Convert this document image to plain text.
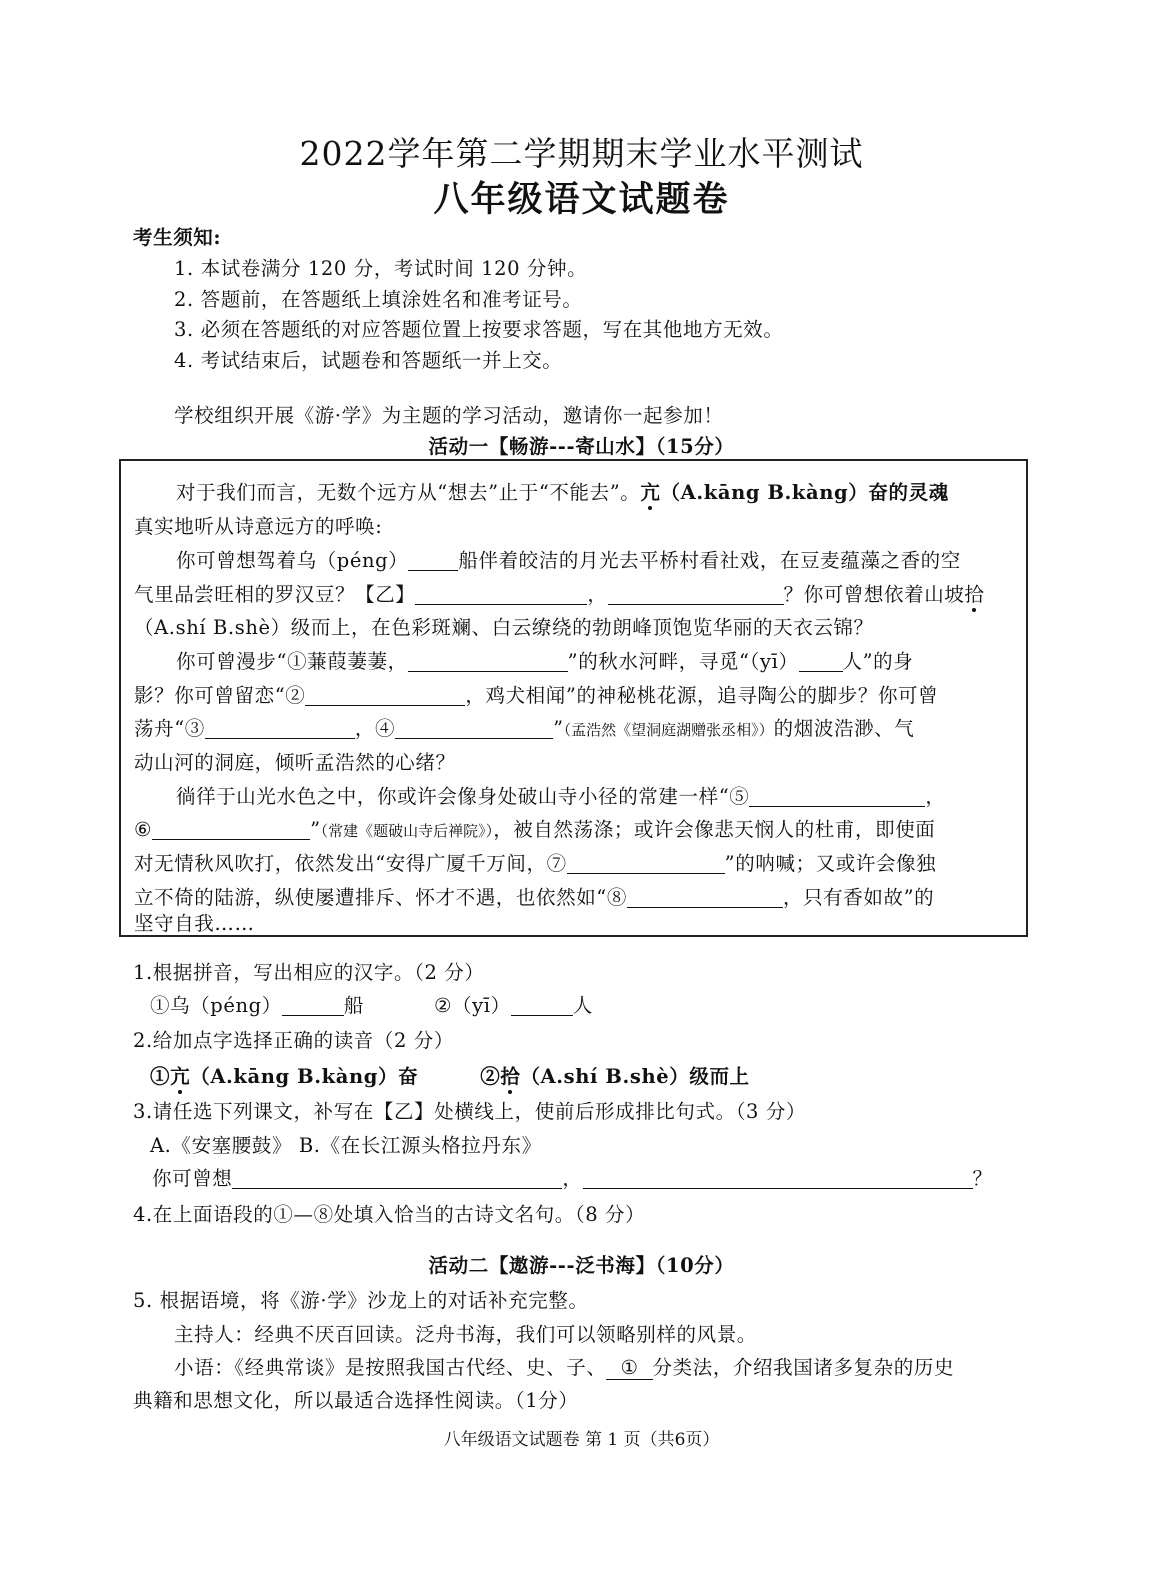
2022学年第二学期期末学业水平测试
八年级语文试题卷
考生须知:
1. 本试卷满分 120 分，考试时间 120 分钟。
2. 答题前，在答题纸上填涂姓名和准考证号。
3. 必须在答题纸的对应答题位置上按要求答题，写在其他地方无效。
4. 考试结束后，试题卷和答题纸一并上交。
学校组织开展《游·学》为主题的学习活动，邀请你一起参加！
活动一【畅游---寄山水】（15分）
对于我们而言，无数个远方从“想去”止于“不能去”。亢（A.kāng B.kàng）奋的灵魂
真实地听从诗意远方的呼唤:
你可曾想驾着乌（péng）	船伴着皎洁的月光去平桥村看社戏，在豆麦蕴藻之香的空
气里品尝旺相的罗汉豆？【乙】	，	？你可曾想依着山坡拾
（A.shí B.shè）级而上，在色彩斑斓、白云缭绕的勃朗峰顶饱览华丽的天衣云锦？
你可曾漫步“①蒹葭萋萋，	”的秋水河畔，寻觅“（yī） 人”的身
影？你可曾留恋“②	，鸡犬相闻”的神秘桃花源，追寻陶公的脚步？你可曾
荡舟“③	，④	”（孟浩然《望洞庭湖赠张丞相》）的烟波浩渺、气
动山河的洞庭，倾听孟浩然的心绪？
徜徉于山光水色之中，你或许会像身处破山寺小径的常建一样“⑤	，
⑥	”（常建《题破山寺后禅院》），被自然荡涤；或许会像悲天悯人的杜甫，即使面
对无情秋风吹打，依然发出“安得广厦千万间，⑦	”的呐喊；又或许会像独
立不倚的陆游，纵使屡遭排斥、怀才不遇，也依然如“⑧	，只有香如故”的
坚守自我……
1.根据拼音，写出相应的汉字。（2 分）
①乌（péng）	船	②（yī）	人
2.给加点字选择正确的读音（2 分）
①亢（A.kāng B.kàng）奋	②拾（A.shí B.shè）级而上
3.请任选下列课文，补写在【乙】处横线上，使前后形成排比句式。（3 分）
A.《安塞腰鼓》 B.《在长江源头格拉丹东》
你可曾想	，	？
4.在上面语段的①—⑧处填入恰当的古诗文名句。（8 分）
活动二【遨游---泛书海】（10分）
5. 根据语境，将《游·学》沙龙上的对话补充完整。
主持人：经典不厌百回读。泛舟书海，我们可以领略别样的风景。
小语：《经典常谈》是按照我国古代经、史、子、 ① 分类法，介绍我国诸多复杂的历史
典籍和思想文化，所以最适合选择性阅读。（1分）
八年级语文试题卷 第 1 页（共6页）
